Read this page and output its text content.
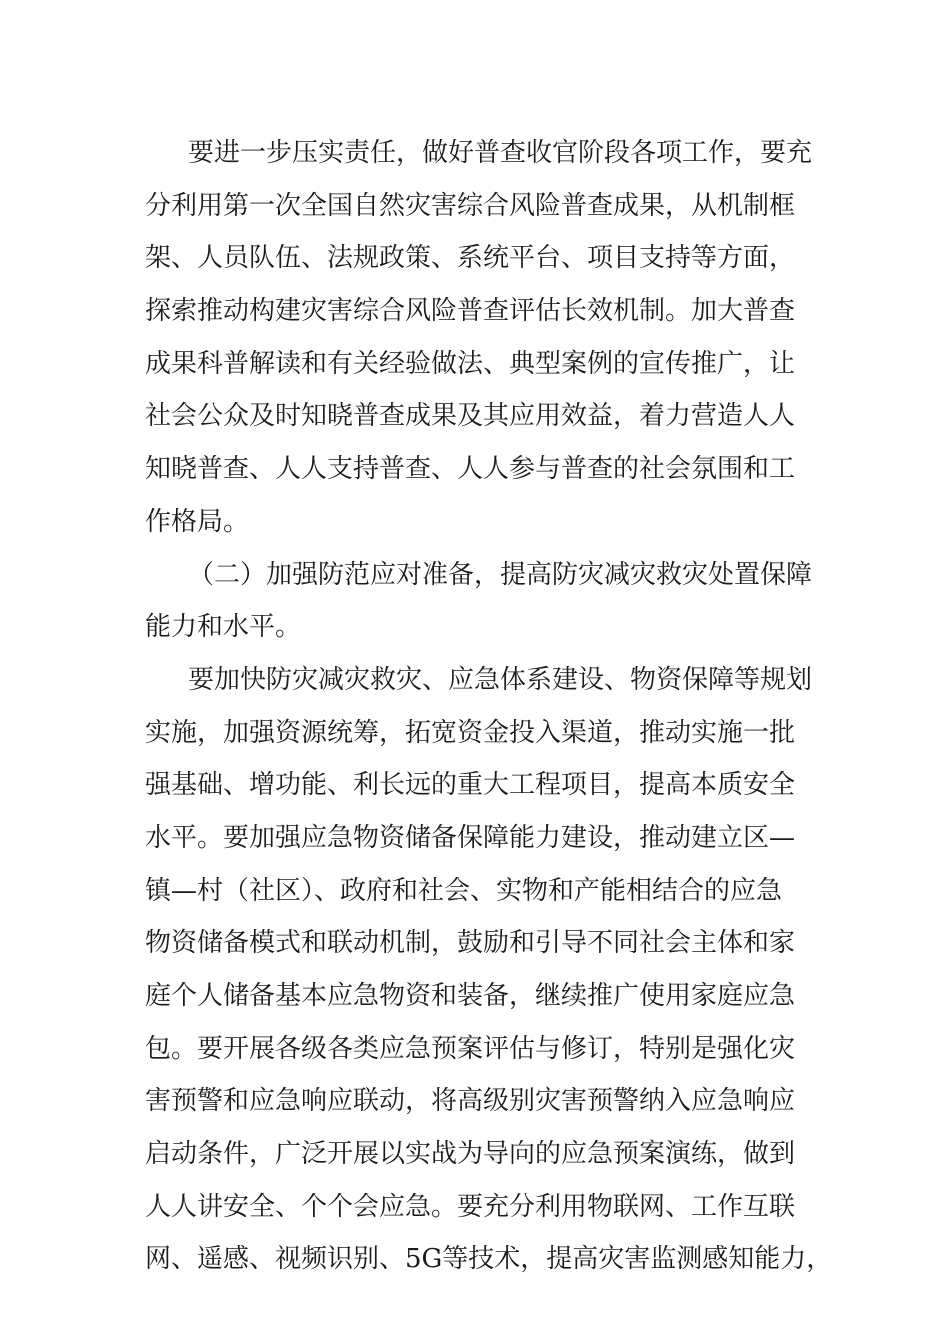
要进一步压实责任，做好普查收官阶段各项工作，要充
分利用第一次全国自然灾害综合风险普查成果，从机制框
架、人员队伍、法规政策、系统平台、项目支持等方面，
探索推动构建灾害综合风险普查评估长效机制。加大普查
成果科普解读和有关经验做法、典型案例的宣传推广，让
社会公众及时知晓普查成果及其应用效益，着力营造人人
知晓普查、人人支持普查、人人参与普查的社会氛围和工
作格局。
（二）加强防范应对准备，提高防灾减灾救灾处置保障
能力和水平。
要加快防灾减灾救灾、应急体系建设、物资保障等规划
实施，加强资源统筹，拓宽资金投入渠道，推动实施一批
强基础、增功能、利长远的重大工程项目，提高本质安全
水平。要加强应急物资储备保障能力建设，推动建立区—
镇—村（社区）、政府和社会、实物和产能相结合的应急
物资储备模式和联动机制，鼓励和引导不同社会主体和家
庭个人储备基本应急物资和装备，继续推广使用家庭应急
包。要开展各级各类应急预案评估与修订，特别是强化灾
害预警和应急响应联动，将高级别灾害预警纳入应急响应
启动条件，广泛开展以实战为导向的应急预案演练，做到
人人讲安全、个个会应急。要充分利用物联网、工作互联
网、遥感、视频识别、5G等技术，提高灾害监测感知能力，
